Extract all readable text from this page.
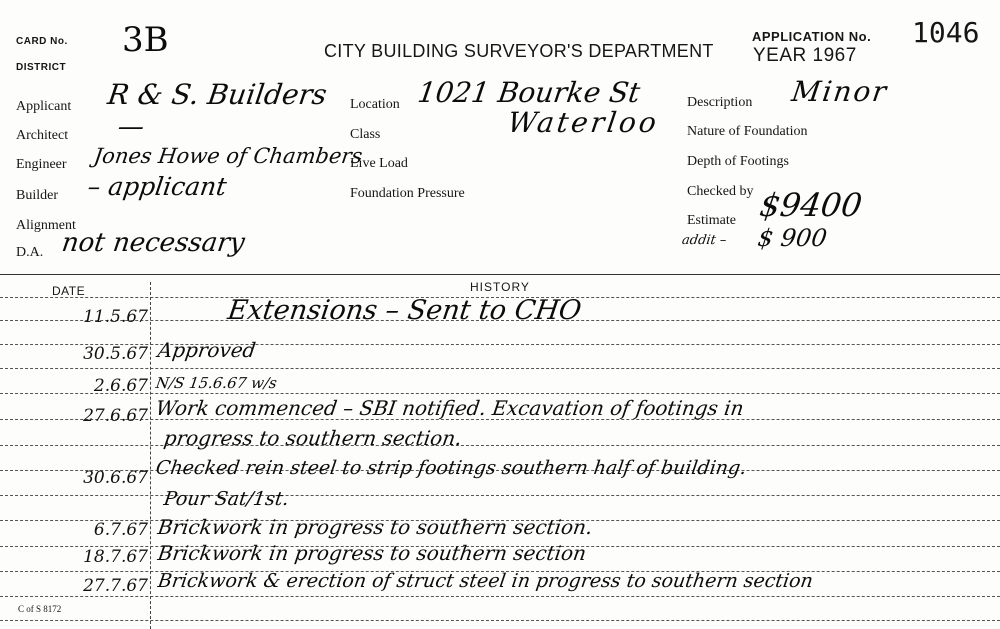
CARD No. 3B
DISTRICT
CITY BUILDING SURVEYOR'S DEPARTMENT
APPLICATION No. 1046
YEAR 1967
Applicant R & S. Builders
Architect —
Engineer Jones Howe of Chambers
Builder – applicant
Alignment
D.A. not necessary
Location 1021 Bourke St
Waterloo
Class
Live Load
Foundation Pressure
Description Minor
Nature of Foundation
Depth of Footings
Checked by
Estimate $9400
addit – $ 900
DATE	HISTORY
11.5.67	Extensions – Sent to CHO
30.5.67 Approved
2.6.67 N/S 15.6.67 w/s
27.6.67 Work commenced – SBI notified. Excavation of footings in
progress to southern section.
30.6.67 Checked rein steel to strip footings southern half of building.
Pour Sat/1st.
6.7.67 Brickwork in progress to southern section.
18.7.67 Brickwork in progress to southern section
27.7.67 Brickwork & erection of struct steel in progress to southern section
C of S 8172
